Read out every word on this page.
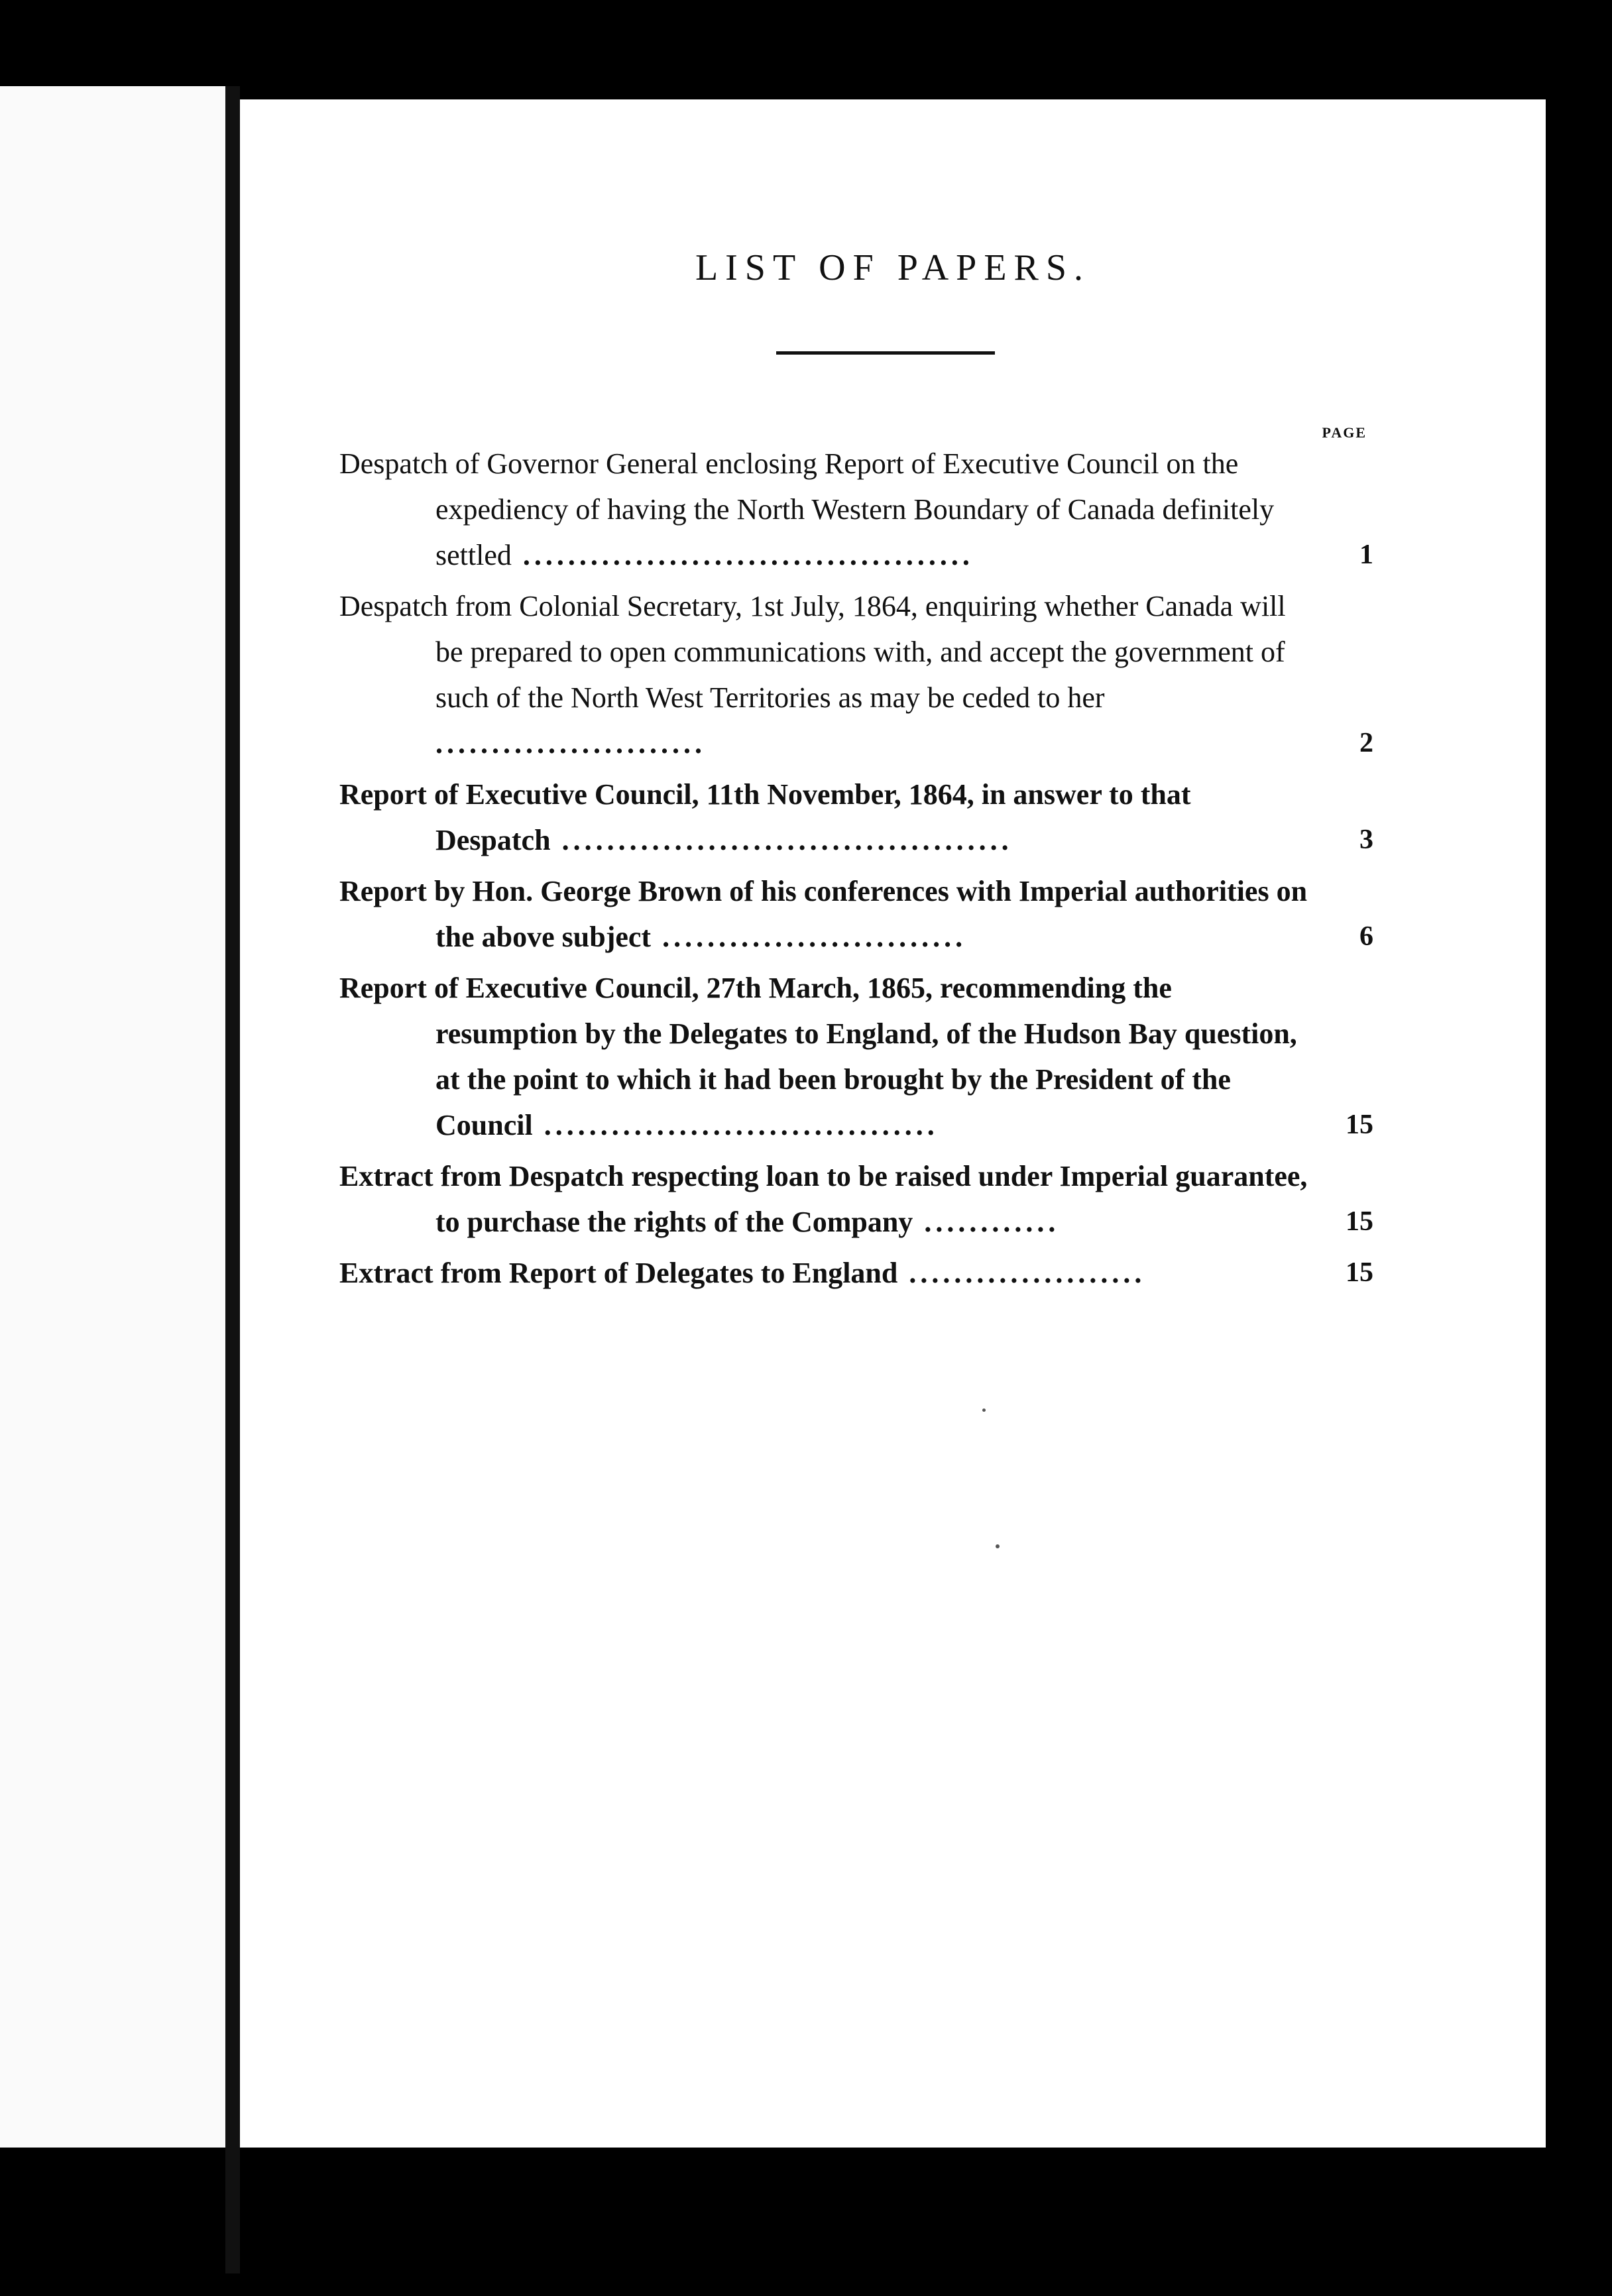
LIST OF PAPERS.
PAGE
Despatch of Governor General enclosing Report of Executive Council on the expediency of having the North Western Boundary of Canada definitely settled ........................................	1
Despatch from Colonial Secretary, 1st July, 1864, enquiring whether Canada will be prepared to open communications with, and accept the government of such of the North West Territories as may be ceded to her ........................	2
Report of Executive Council, 11th November, 1864, in answer to that Despatch ........................................	3
Report by Hon. George Brown of his conferences with Imperial authorities on the above subject ...........................	6
Report of Executive Council, 27th March, 1865, recommending the resumption by the Delegates to England, of the Hudson Bay question, at the point to which it had been brought by the President of the Council ...................................	15
Extract from Despatch respecting loan to be raised under Imperial guarantee, to purchase the rights of the Company ............	15
Extract from Report of Delegates to England .....................	15
